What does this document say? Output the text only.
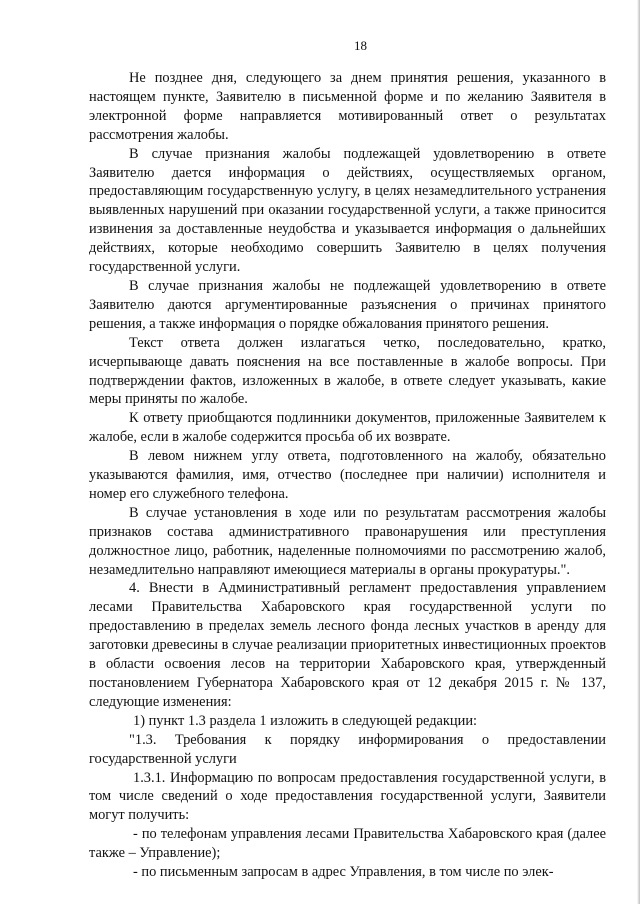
18

Не позднее дня, следующего за днем принятия решения, указанного в настоящем пункте, Заявителю в письменной форме и по желанию Заявителя в электронной форме направляется мотивированный ответ о результатах рассмотрения жалобы.

В случае признания жалобы подлежащей удовлетворению в ответе Заявителю дается информация о действиях, осуществляемых органом, предоставляющим государственную услугу, в целях незамедлительного устранения выявленных нарушений при оказании государственной услуги, а также приносится извинения за доставленные неудобства и указывается информация о дальнейших действиях, которые необходимо совершить Заявителю в целях получения государственной услуги.

В случае признания жалобы не подлежащей удовлетворению в ответе Заявителю даются аргументированные разъяснения о причинах принятого решения, а также информация о порядке обжалования принятого решения.

Текст ответа должен излагаться четко, последовательно, кратко, исчерпывающе давать пояснения на все поставленные в жалобе вопросы. При подтверждении фактов, изложенных в жалобе, в ответе следует указывать, какие меры приняты по жалобе.

К ответу приобщаются подлинники документов, приложенные Заявителем к жалобе, если в жалобе содержится просьба об их возврате.

В левом нижнем углу ответа, подготовленного на жалобу, обязательно указываются фамилия, имя, отчество (последнее при наличии) исполнителя и номер его служебного телефона.

В случае установления в ходе или по результатам рассмотрения жалобы признаков состава административного правонарушения или преступления должностное лицо, работник, наделенные полномочиями по рассмотрению жалоб, незамедлительно направляют имеющиеся материалы в органы прокуратуры.".

4. Внести в Административный регламент предоставления управлением лесами Правительства Хабаровского края государственной услуги по предоставлению в пределах земель лесного фонда лесных участков в аренду для заготовки древесины в случае реализации приоритетных инвестиционных проектов в области освоения лесов на территории Хабаровского края, утвержденный постановлением Губернатора Хабаровского края от 12 декабря 2015 г. № 137, следующие изменения:

1) пункт 1.3 раздела 1 изложить в следующей редакции:

"1.3. Требования к порядку информирования о предоставлении государственной услуги

1.3.1. Информацию по вопросам предоставления государственной услуги, в том числе сведений о ходе предоставления государственной услуги, Заявители могут получить:

- по телефонам управления лесами Правительства Хабаровского края (далее также – Управление);

- по письменным запросам в адрес Управления, в том числе по элек-
